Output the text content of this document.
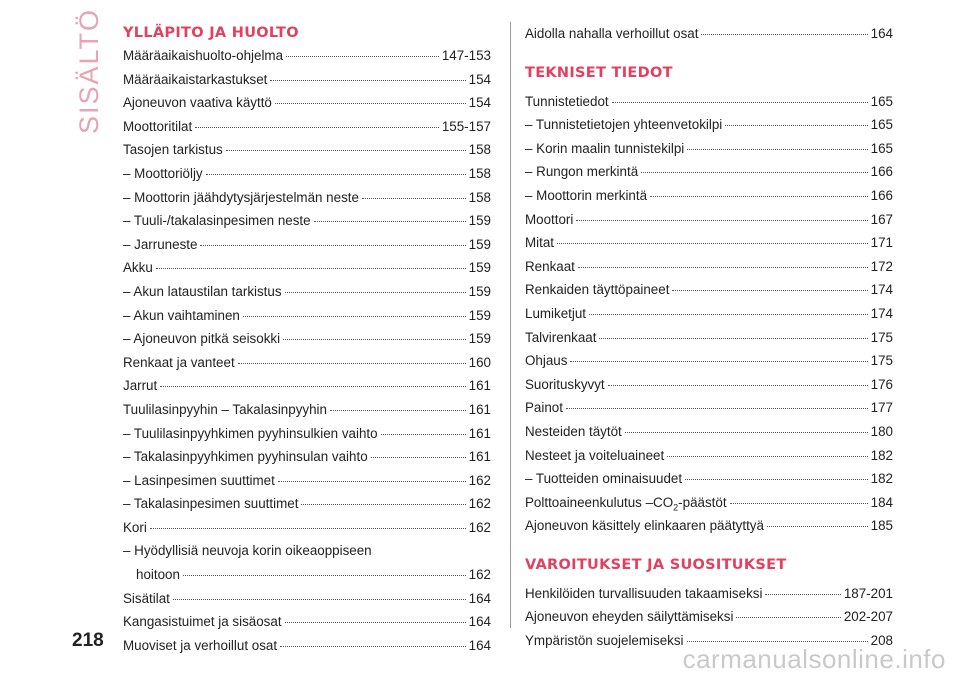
SISÄLTÖ YLLÄPITO JA HUOLTO
Määräaikaishuolto-ohjelma	147-153
Määräaikaistarkastukset	154
Ajoneuvon vaativa käyttö	154
Moottoritilat	155-157
Tasojen tarkistus	158
– Moottoriöljy	158
– Moottorin jäähdytysjärjestelmän neste	158
– Tuuli-/takalasinpesimen neste	159
– Jarruneste	159
Akku	159
– Akun lataustilan tarkistus	159
– Akun vaihtaminen	159
– Ajoneuvon pitkä seisokki	159
Renkaat ja vanteet	160
Jarrut	161
Tuulilasinpyyhin – Takalasinpyyhin	161
– Tuulilasinpyyhkimen pyyhinsulkien vaihto	161
– Takalasinpyyhkimen pyyhinsulan vaihto	161
– Lasinpesimen suuttimet	162
– Takalasinpesimen suuttimet	162
Kori	162
– Hyödyllisiä neuvoja korin oikeaoppiseen
hoitoon	162
Sisätilat	164
Kangasistuimet ja sisäosat	164
Muoviset ja verhoillut osat	164
Aidolla nahalla verhoillut osat	164
TEKNISET TIEDOT
Tunnistetiedot	165
– Tunnistetietojen yhteenvetokilpi	165
– Korin maalin tunnistekilpi	165
– Rungon merkintä	166
– Moottorin merkintä	166
Moottori	167
Mitat	171
Renkaat	172
Renkaiden täyttöpaineet	174
Lumiketjut	174
Talvirenkaat	175
Ohjaus	175
Suorituskyvyt	176
Painot	177
Nesteiden täytöt	180
Nesteet ja voiteluaineet	182
– Tuotteiden ominaisuudet	182
Polttoaineenkulutus $-CO_2$-päästöt	184
Ajoneuvon käsittely elinkaaren päätyttyä	185
VAROITUKSET JA SUOSITUKSET
Henkilöiden turvallisuuden takaamiseksi	187-201
Ajoneuvon eheyden säilyttämiseksi	202-207
Ympäristön suojelemiseksi	208
218
carmanualsonline.info
